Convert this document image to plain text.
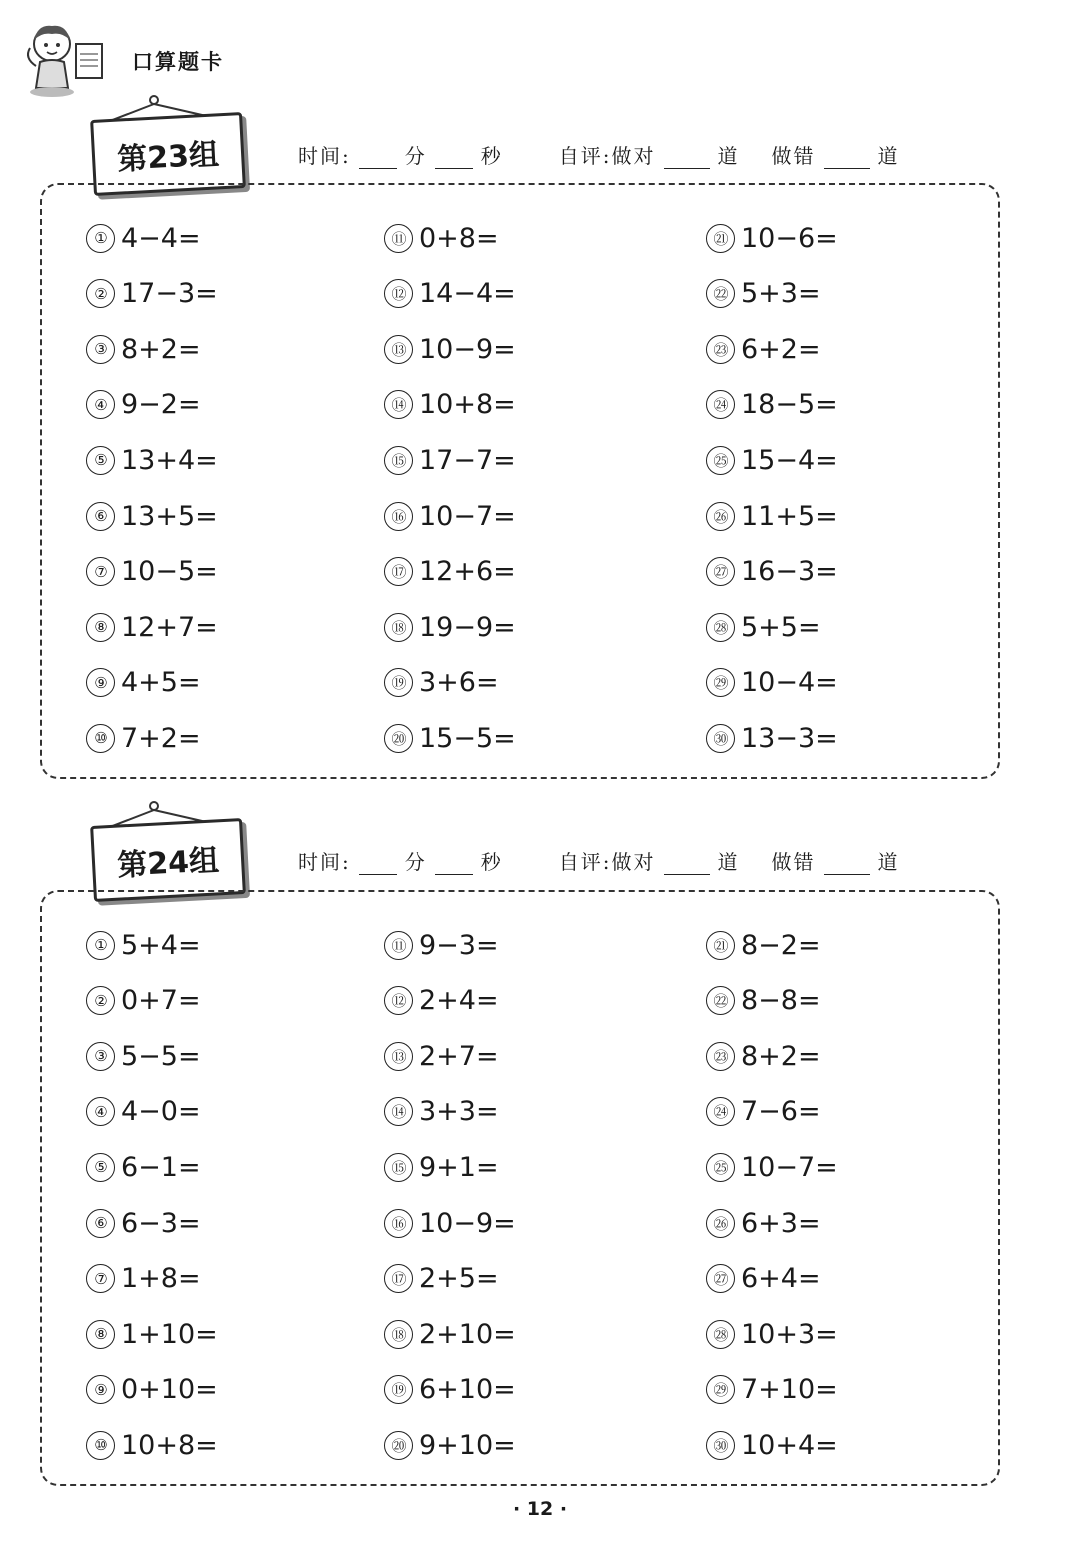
口算题卡
第23组	时间:	分	秒	自评:做对	道 做错	道
① 4−4=
② 17−3=
③ 8+2=
④ 9−2=
⑤ 13+4=
⑥ 13+5=
⑦ 10−5=
⑧ 12+7=
⑨ 4+5=
⑩ 7+2=
⑪ 0+8=
⑫ 14−4=
⑬ 10−9=
⑭ 10+8=
⑮ 17−7=
⑯ 10−7=
⑰ 12+6=
⑱ 19−9=
⑲ 3+6=
⑳ 15−5=
㉑ 10−6=
㉒ 5+3=
㉓ 6+2=
㉔ 18−5=
㉕ 15−4=
㉖ 11+5=
㉗ 16−3=
㉘ 5+5=
㉙ 10−4=
㉚ 13−3=
第24组	时间:	分	秒	自评:做对	道 做错	道
① 5+4=
② 0+7=
③ 5−5=
④ 4−0=
⑤ 6−1=
⑥ 6−3=
⑦ 1+8=
⑧ 1+10=
⑨ 0+10=
⑩ 10+8=
⑪ 9−3=
⑫ 2+4=
⑬ 2+7=
⑭ 3+3=
⑮ 9+1=
⑯ 10−9=
⑰ 2+5=
⑱ 2+10=
⑲ 6+10=
⑳ 9+10=
㉑ 8−2=
㉒ 8−8=
㉓ 8+2=
㉔ 7−6=
㉕ 10−7=
㉖ 6+3=
㉗ 6+4=
㉘ 10+3=
㉙ 7+10=
㉚ 10+4=
· 12 ·
